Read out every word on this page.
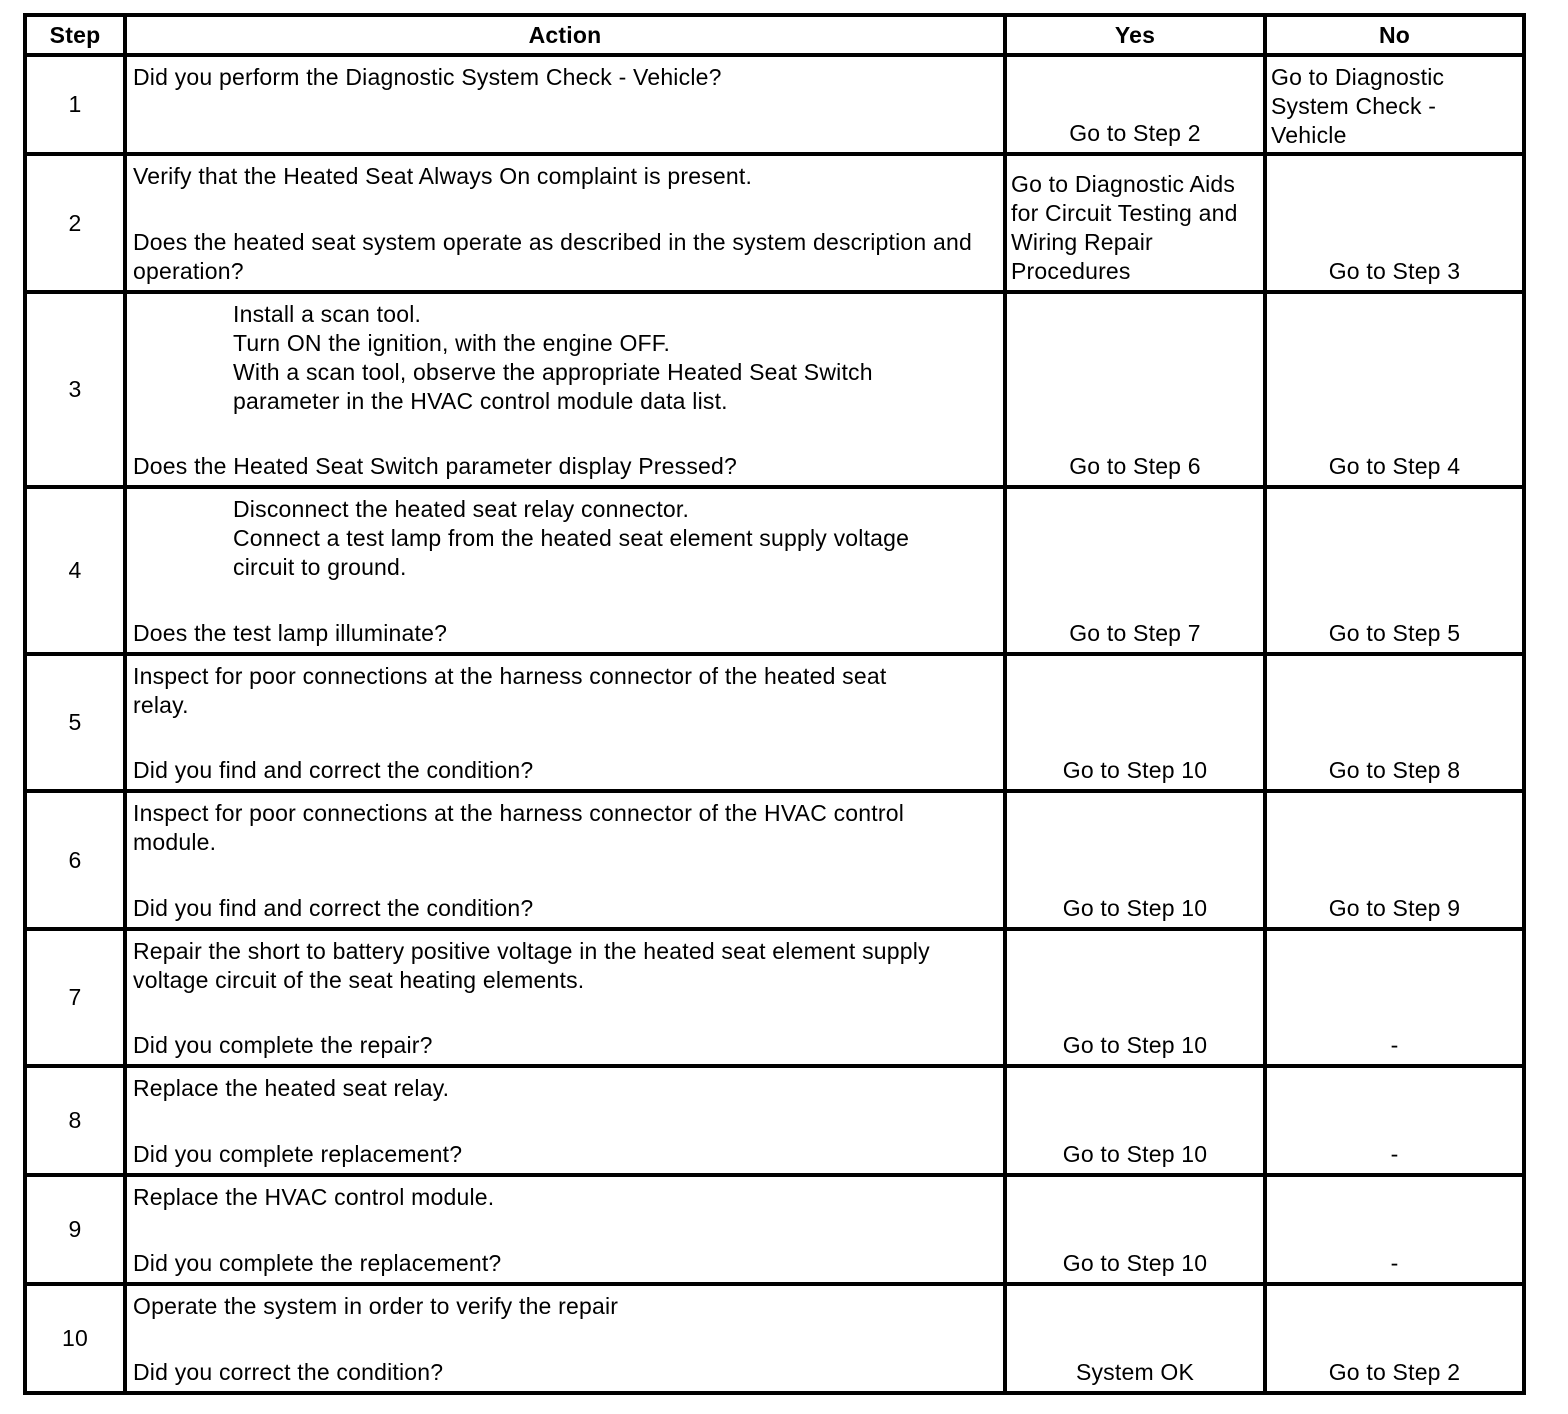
Step	Action	Yes	No
1	Did you perform the Diagnostic System Check - Vehicle?	Go to Step 2	Go to Diagnostic System Check - Vehicle

2	Verify that the Heated Seat Always On complaint is present.
Does the heated seat system operate as described in the system description and operation?	Go to Diagnostic Aids for Circuit Testing and Wiring Repair Procedures	Go to Step 3

3	Install a scan tool.
Turn ON the ignition, with the engine OFF.
With a scan tool, observe the appropriate Heated Seat Switch parameter in the HVAC control module data list.
Does the Heated Seat Switch parameter display Pressed?	Go to Step 6	Go to Step 4

4	Disconnect the heated seat relay connector.
Connect a test lamp from the heated seat element supply voltage circuit to ground.
Does the test lamp illuminate?	Go to Step 7	Go to Step 5

5	Inspect for poor connections at the harness connector of the heated seat relay.
Did you find and correct the condition?	Go to Step 10	Go to Step 8

6	Inspect for poor connections at the harness connector of the HVAC control module.
Did you find and correct the condition?	Go to Step 10	Go to Step 9

7	Repair the short to battery positive voltage in the heated seat element supply voltage circuit of the seat heating elements.
Did you complete the repair?	Go to Step 10	-

8	Replace the heated seat relay.
Did you complete replacement?	Go to Step 10	-

9	Replace the HVAC control module.
Did you complete the replacement?	Go to Step 10	-

10	Operate the system in order to verify the repair
Did you correct the condition?	System OK	Go to Step 2
